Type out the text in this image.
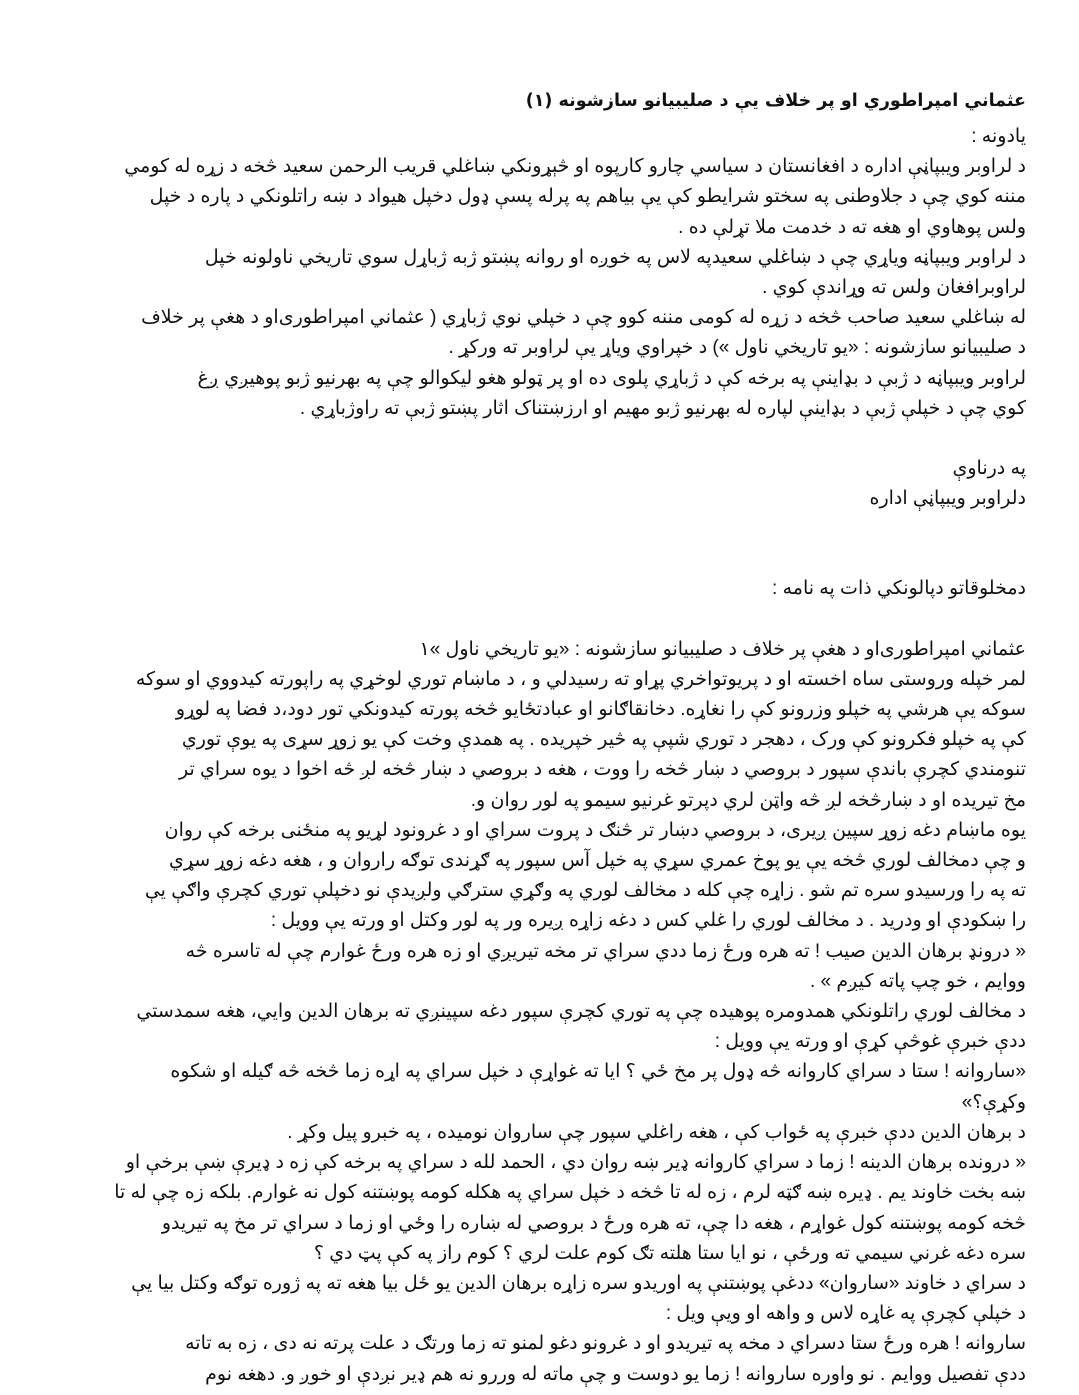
عثماني امپراطوري او پر خلاف يې د صليبيانو سازشونه (١)
یادونه :
د لراوبر ويبپاڼې اداره د افغانستان د سياسي چارو کارپوه او څېړونکي ښاغلي قريب الرحمن سعيد څخه د زړه له کومي
مننه کوي چې د جلاوطنى په سختو شرايطو کې يې بیاهم په پرله پسې ډول دخپل هيواد د ښه راتلونکي د پاره د خپل
ولس پوهاوي او هغه ته د خدمت ملا تړلې ده .
د لراوبر ويبپاڼه وياړي چې د ښاغلي سعيدپه لاس په خوږه او روانه پښتو ژبه ژباړل سوي تاريخي ناولونه خپل
لراوبرافغان ولس ته وړاندې کوي .
له ښاغلي سعيد صاحب څخه د زړه له کومی مننه کوو چې د خپلي نوي ژباړي ( عثماني امپراطوری‌او د هغې پر خلاف
د صليبيانو سازشونه : «یو تاريخي ناول ») د خپراوي وياړ يې لراوبر ته ورکړ .
لراوبر ويبپاڼه د ژبې د بډاينې په برخه کې د ژباړي پلوی ده او پر ټولو هغو ليکوالو چې په بهرنيو ژبو پوهيږي ږغ
کوي چې د خپلې ژبې د بډاينې لپاره له بهرنيو ژبو مهيم او ارزښتناک اثار پښتو ژبې ته راوژباړي .
په درناوې
دلراوبر ويبپاڼې اداره
دمخلوقاتو دپالونکي ذات په نامه :
عثماني امپراطوری‌او د هغې پر خلاف د صليبيانو سازشونه : «يو تاريخي ناول »١
لمر خپله وروستی ساه اخسته او د پریوتواخري پړاو ته رسيدلي و ، د ماښام توري لوخړي په راپورته کيدووي او سوکه
سوکه يې هرشي په خپلو وزرونو کې را نغاړه. دخانقاګانو او عبادتځايو څخه پورته کيدونکي تور دود،د فضا په لوړو
کې په خپلو فکرونو کې ورک ، دهجر د توري شپې په څير خپريده . په همدې وخت کې يو زوړ سړی په يوې توري
تنومندي کچرې باندې سپور د بروصي د ښار څخه را ووت ، هغه د بروصي د ښار څخه لږ څه اخوا د يوه سراي تر
مخ تيريده او د ښارڅخه لږ څه واټن لري دپرتو غرنيو سيمو په لور روان و.
يوه ماښام دغه زوړ سپين ږيرى، د بروصي دښار تر څنګ د پروت سراي او د غرونود لړيو په منځنی برخه کې روان
و چې دمخالف لوري څخه يې يو پوخ عمري سړي په خپل آس سپور په ګړندی توګه راروان و ، هغه دغه زوړ سړي
ته په را ورسيدو سره تم شو . زاړه چې کله د مخالف لوري په وګړي سترګي ولږيدې نو دخپلې توري کچرې واګې يې
را ښکودې او ودريد . د مخالف لوري را غلي کس د دغه زاړه ږيره ور په لور وکتل او ورته يې وويل :
« درونډ برهان الدين صيب ! ته هره ورځ زما ددي سراي تر مخه تيريږي او زه هره ورځ غوارم چې له تاسره څه
ووايم ، خو چپ پاته کيږم » .
د مخالف لوري راتلونکي همدومره پوهيده چې په توري کچرې سپور دغه سپينږي ته برهان الدين وايي، هغه سمدستي
ددې خبرې غوڅې کړې او ورته يې وويل :
«ساروانه ! ستا د سراي کاروانه څه ډول پر مخ ځي ؟ ايا ته غواړې د خپل سراي په اړه زما څخه څه ګيله او شکوه
وکړې؟»
د برهان الدين ددې خبرې په ځواب کې ، هغه راغلي سپور چې ساروان نوميده ، په خبرو پيل وکړ .
« درونده برهان الدينه ! زما د سراي کاروانه ډير ښه روان دي ، الحمد لله د سراي په برخه کې زه د ډيرې ښې برخې او
ښه بخت خاوند يم . ډيره ښه ګټه لرم ، زه له تا څخه د خپل سراي په هکله کومه پوښتنه کول نه غوارم. بلکه زه چې له تا
څخه کومه پوښتنه کول غواړم ، هغه دا چې، ته هره ورځ د بروصي له ښاره را وځي او زما د سراي تر مخ په تيريدو
سره دغه غرني سيمي ته ورځې ، نو ايا ستا هلته تګ کوم علت لري ؟ کوم راز په کې پټ دي ؟
د سراي د خاوند «ساروان» ددغې پوښتنې په اوريدو سره زاړه برهان الدين يو ځل بيا هغه ته په ژوره توګه وکتل بيا يې
د خپلې کچرې په غاړه لاس و واهه او ويې ويل :
ساروانه ! هره ورځ ستا دسراي د مخه په تيريدو او د غرونو دغو لمنو ته زما ورتګ د علت پرته نه دی ، زه به تاته
ددې تفصيل ووايم . نو واوره ساروانه ! زما يو دوست و چې ماته له وررو نه هم ډير نږدې او خوږ و. دهغه نوم
